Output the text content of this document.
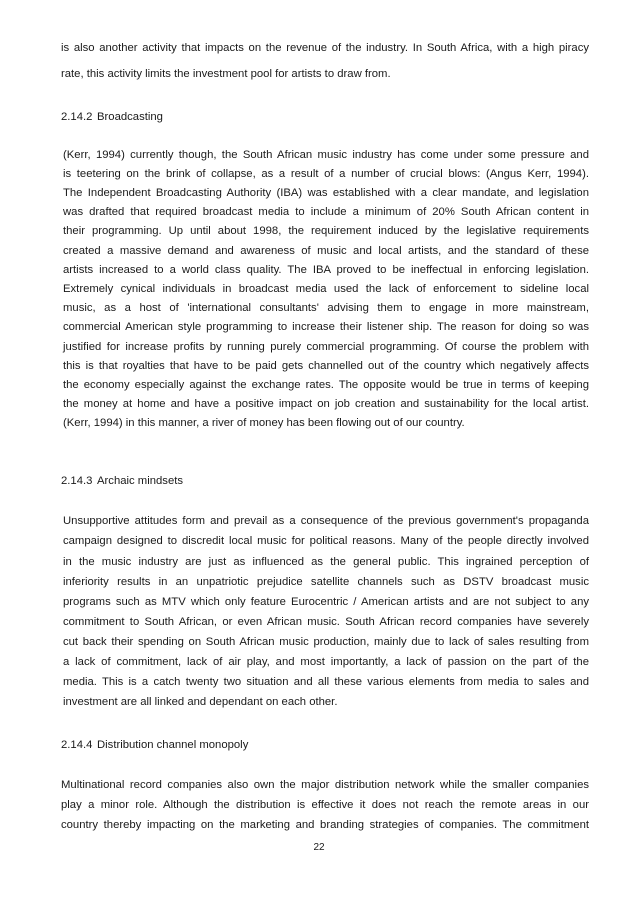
is also another activity that impacts on the revenue of the industry. In South Africa, with a high piracy
rate, this activity limits the investment pool for artists to draw from.
2.14.2 Broadcasting
(Kerr, 1994) currently though, the South African music industry has come under some pressure and
is teetering on the brink of collapse, as a result of a number of crucial blows: (Angus Kerr, 1994).
The Independent Broadcasting Authority (IBA) was established with a clear mandate, and legislation
was drafted that required broadcast media to include a minimum of 20% South African content in
their programming. Up until about 1998, the requirement induced by the legislative requirements
created a massive demand and awareness of music and local artists, and the standard of these
artists increased to a world class quality. The IBA proved to be ineffectual in enforcing legislation.
Extremely cynical individuals in broadcast media used the lack of enforcement to sideline local
music, as a host of 'international consultants' advising them to engage in more mainstream,
commercial American style programming to increase their listener ship. The reason for doing so was
justified for increase profits by running purely commercial programming. Of course the problem with
this is that royalties that have to be paid gets channelled out of the country which negatively affects
the economy especially against the exchange rates. The opposite would be true in terms of keeping
the money at home and have a positive impact on job creation and sustainability for the local artist.
(Kerr, 1994) in this manner, a river of money has been flowing out of our country.
2.14.3 Archaic mindsets
Unsupportive attitudes form and prevail as a consequence of the previous government's propaganda
campaign designed to discredit local music for political reasons. Many of the people directly involved
in the music industry are just as influenced as the general public. This ingrained perception of
inferiority results in an unpatriotic prejudice satellite channels such as DSTV broadcast music
programs such as MTV which only feature Eurocentric / American artists and are not subject to any
commitment to South African, or even African music. South African record companies have severely
cut back their spending on South African music production, mainly due to lack of sales resulting from
a lack of commitment, lack of air play, and most importantly, a lack of passion on the part of the
media. This is a catch twenty two situation and all these various elements from media to sales and
investment are all linked and dependant on each other.
2.14.4 Distribution channel monopoly
Multinational record companies also own the major distribution network while the smaller companies
play a minor role. Although the distribution is effective it does not reach the remote areas in our
country thereby impacting on the marketing and branding strategies of companies. The commitment
22
